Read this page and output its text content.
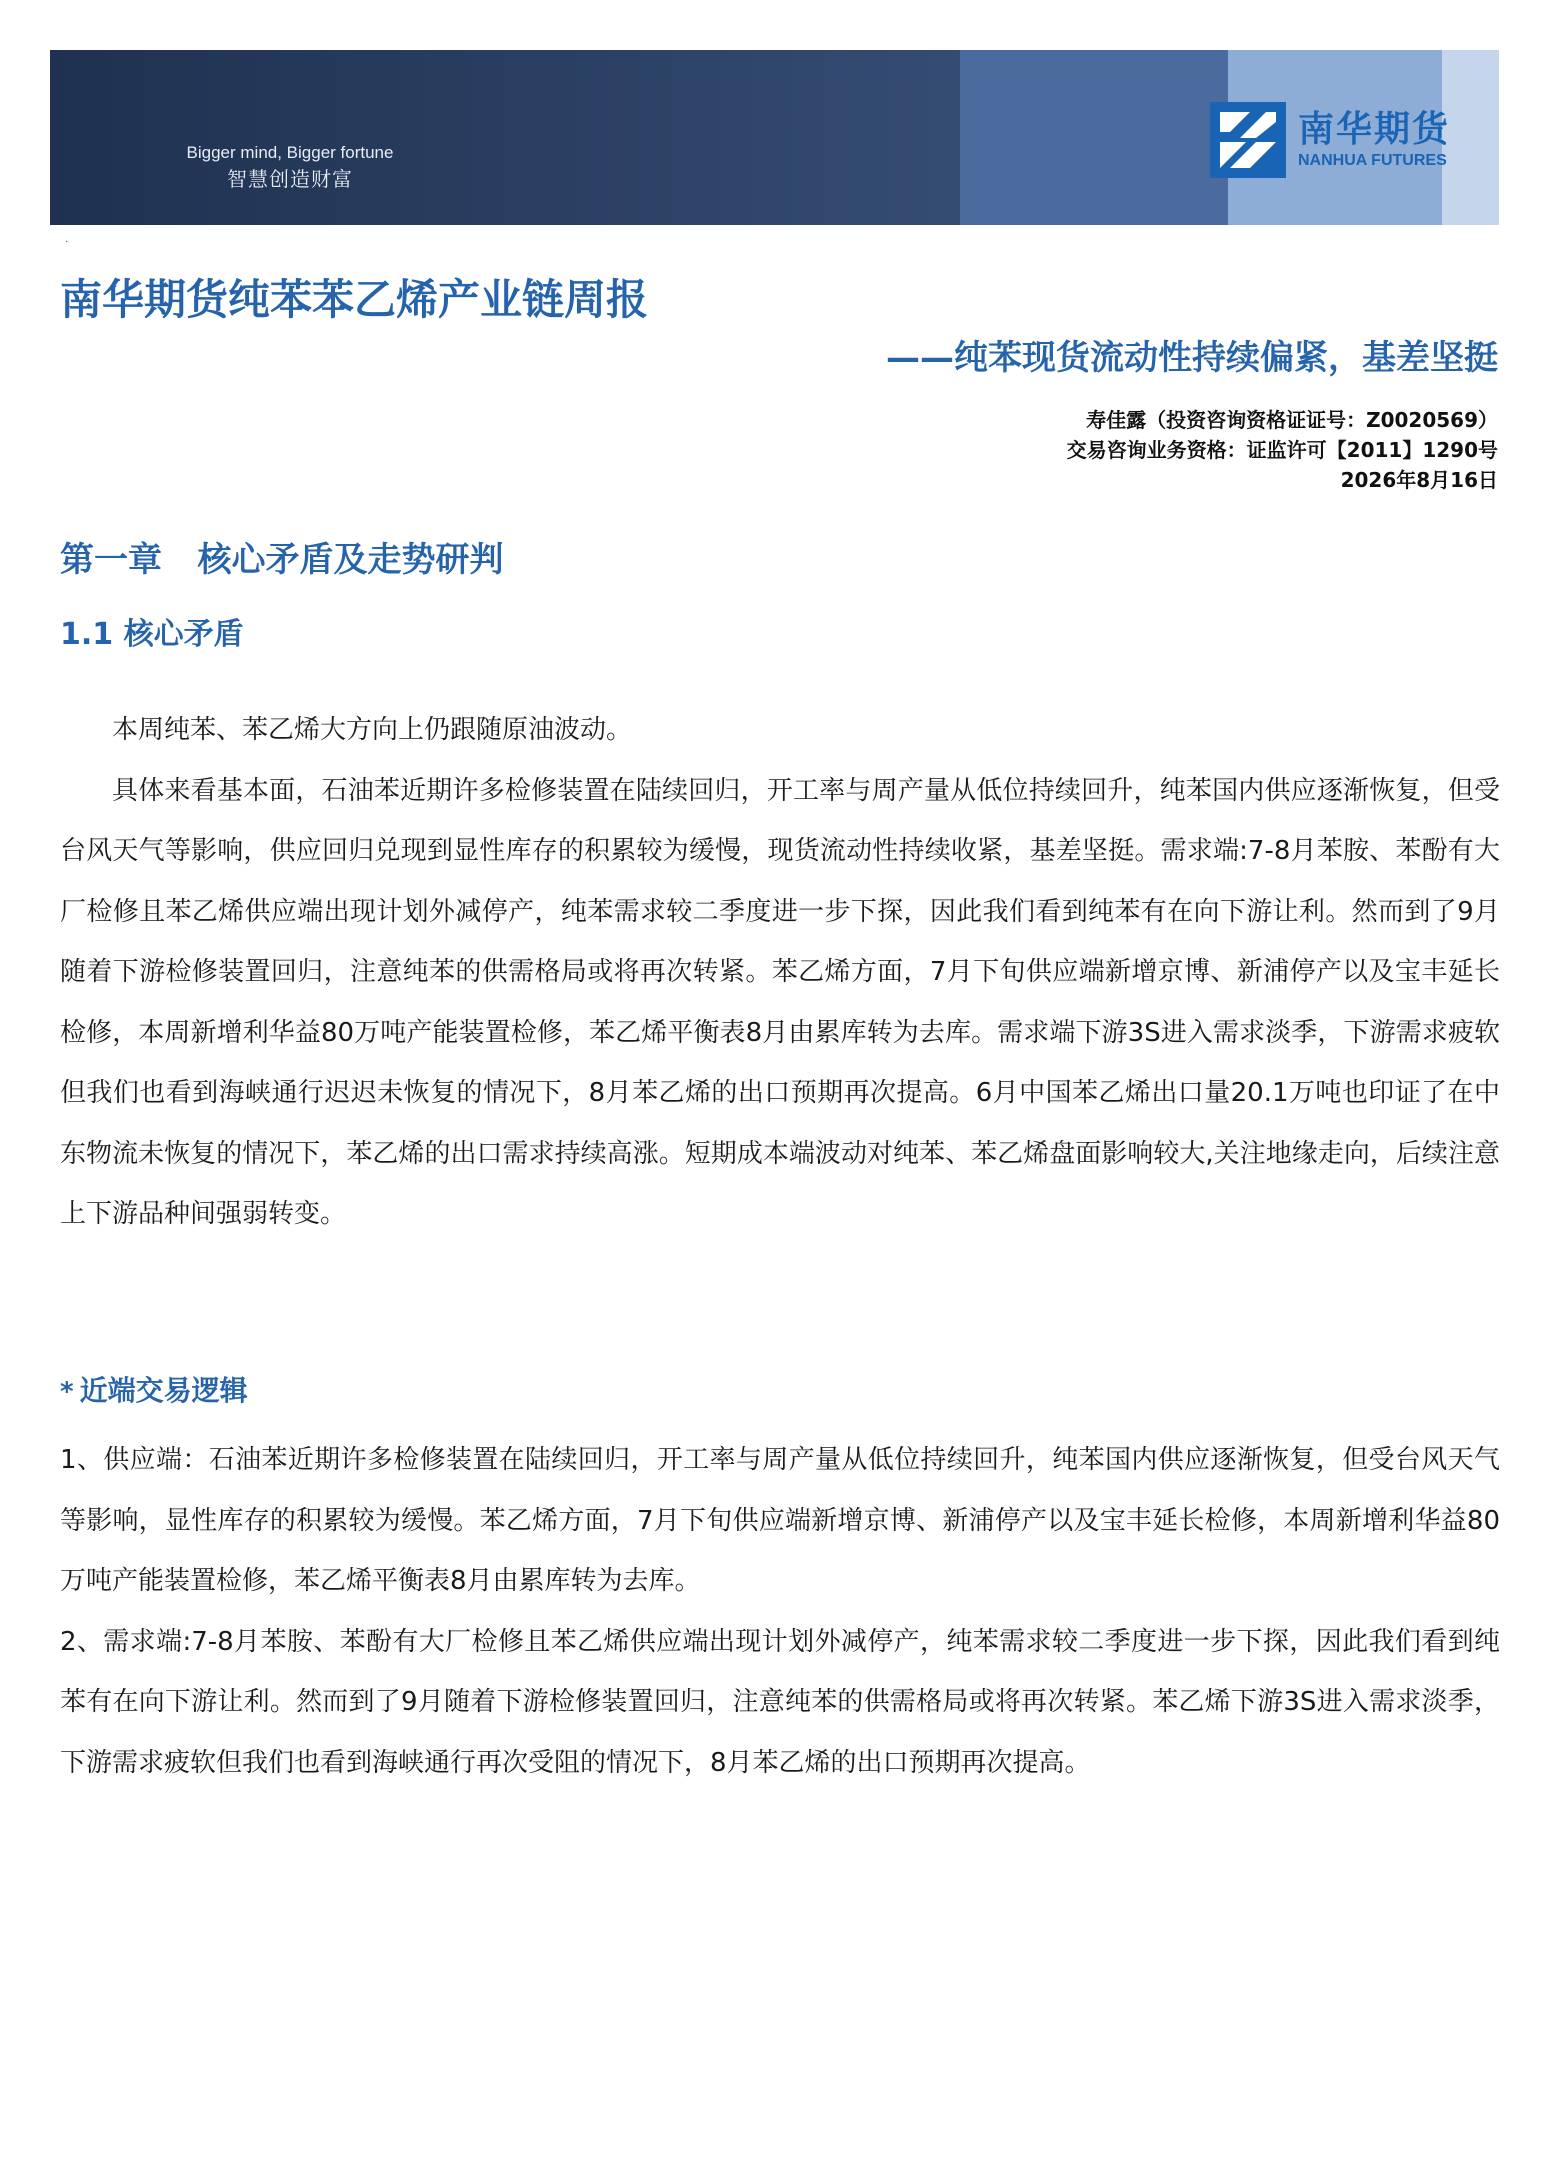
Bigger mind, Bigger fortune
智慧创造财富
南华期货
NANHUA FUTURES
·
南华期货纯苯苯乙烯产业链周报
——纯苯现货流动性持续偏紧，基差坚挺
寿佳露（投资咨询资格证证号：Z0020569）
交易咨询业务资格：证监许可【2011】1290号
2026年8月16日
第一章   核心矛盾及走势研判
1.1 核心矛盾

本周纯苯、苯乙烯大方向上仍跟随原油波动。

具体来看基本面，石油苯近期许多检修装置在陆续回归，开工率与周产量从低位持续回升，纯苯国内供应逐渐恢复，但受台风天气等影响，供应回归兑现到显性库存的积累较为缓慢，现货流动性持续收紧，基差坚挺。需求端:7-8月苯胺、苯酚有大厂检修且苯乙烯供应端出现计划外减停产，纯苯需求较二季度进一步下探，因此我们看到纯苯有在向下游让利。然而到了9月随着下游检修装置回归，注意纯苯的供需格局或将再次转紧。苯乙烯方面，7月下旬供应端新增京博、新浦停产以及宝丰延长检修，本周新增利华益80万吨产能装置检修，苯乙烯平衡表8月由累库转为去库。需求端下游3S进入需求淡季，下游需求疲软但我们也看到海峡通行迟迟未恢复的情况下，8月苯乙烯的出口预期再次提高。6月中国苯乙烯出口量20.1万吨也印证了在中东物流未恢复的情况下，苯乙烯的出口需求持续高涨。短期成本端波动对纯苯、苯乙烯盘面影响较大,关注地缘走向，后续注意上下游品种间强弱转变。

* 近端交易逻辑

1、供应端：石油苯近期许多检修装置在陆续回归，开工率与周产量从低位持续回升，纯苯国内供应逐渐恢复，但受台风天气等影响，显性库存的积累较为缓慢。苯乙烯方面，7月下旬供应端新增京博、新浦停产以及宝丰延长检修，本周新增利华益80万吨产能装置检修，苯乙烯平衡表8月由累库转为去库。

2、需求端:7-8月苯胺、苯酚有大厂检修且苯乙烯供应端出现计划外减停产，纯苯需求较二季度进一步下探，因此我们看到纯苯有在向下游让利。然而到了9月随着下游检修装置回归，注意纯苯的供需格局或将再次转紧。苯乙烯下游3S进入需求淡季，下游需求疲软但我们也看到海峡通行再次受阻的情况下，8月苯乙烯的出口预期再次提高。
